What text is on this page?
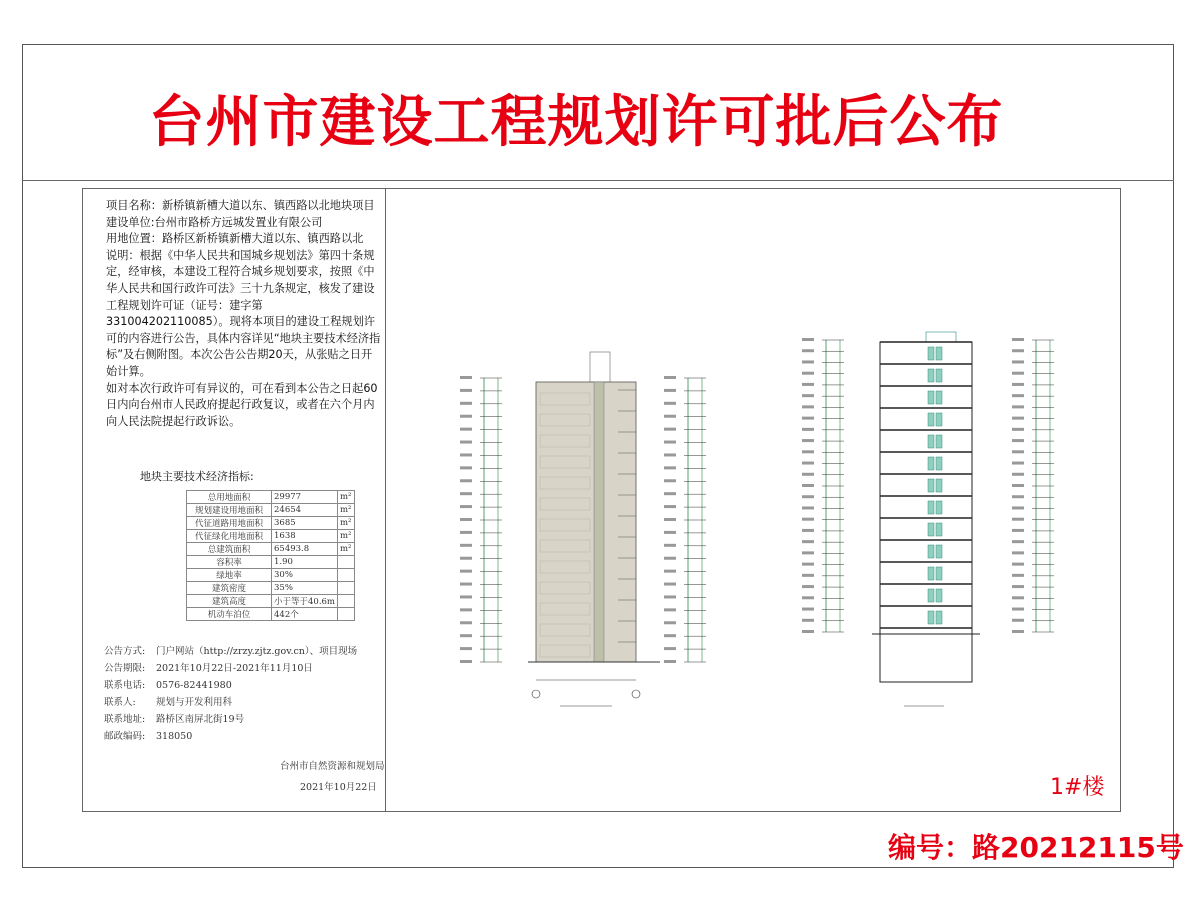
台州市建设工程规划许可批后公布

项目名称：新桥镇新槽大道以东、镇西路以北地块项目

建设单位:台州市路桥方远城发置业有限公司

用地位置：路桥区新桥镇新槽大道以东、镇西路以北

说明：根据《中华人民共和国城乡规划法》第四十条规定，经审核，本建设工程符合城乡规划要求，按照《中华人民共和国行政许可法》三十九条规定，核发了建设工程规划许可证（证号：建字第331004202110085）。现将本项目的建设工程规划许可的内容进行公告，具体内容详见“地块主要技术经济指标”及右侧附图。本次公告公告期20天，从张贴之日开始计算。

如对本次行政许可有异议的，可在看到本公告之日起60日内向台州市人民政府提起行政复议，或者在六个月内向人民法院提起行政诉讼。

地块主要技术经济指标:
总用地面积	29977	m²
规划建设用地面积	24654	m²
代征道路用地面积	3685	m²
代征绿化用地面积	1638	m²
总建筑面积	65493.8	m²
容积率	1.90	
绿地率	30%	
建筑密度	35%	
建筑高度	小于等于40.6m	
机动车泊位	442个	
公告方式: 门户网站（http://zrzy.zjtz.gov.cn）、项目现场
公告期限: 2021年10月22日-2021年11月10日
联系电话: 0576-82441980
联系人: 规划与开发利用科
联系地址: 路桥区南屏北街19号
邮政编码: 318050
台州市自然资源和规划局
2021年10月22日	1#楼
编号：路20212115号
